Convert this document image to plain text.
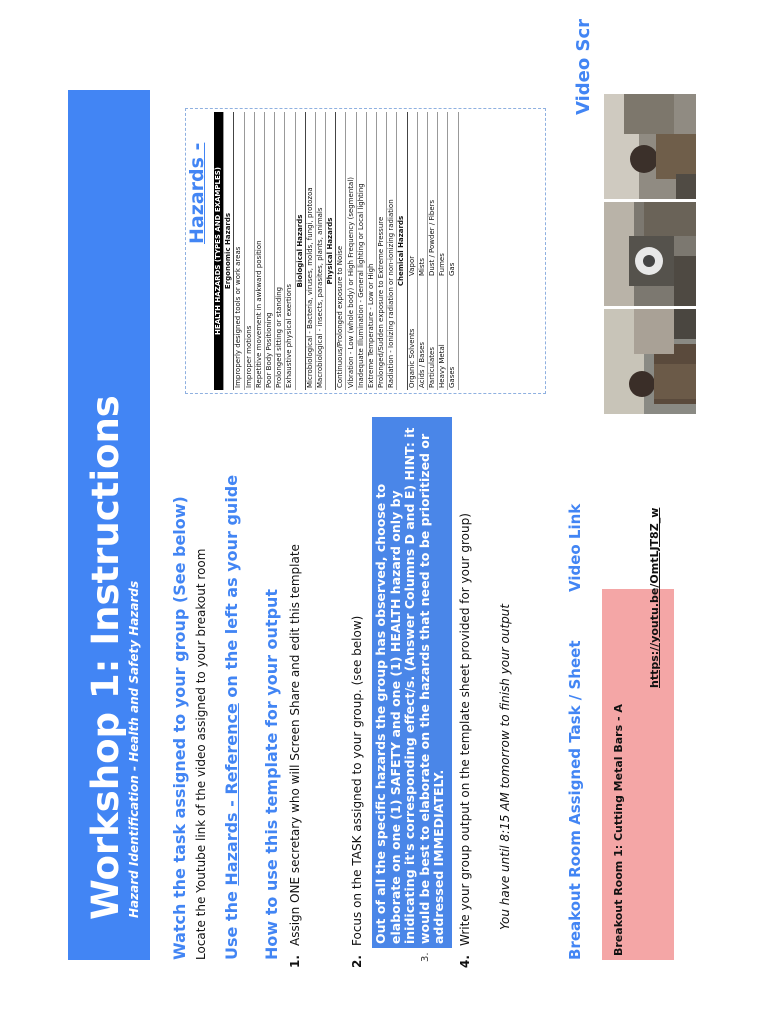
Workshop 1: Instructions Hazard Identification - Health and Safety Hazards Watch the task assigned to your group (See below) Locate the Youtube link of the video assigned to your breakout room Use the Hazards - Reference on the left as your guide How to use this template for your output
1.Assign ONE secretary who will Screen Share and edit this template
2.Focus on the TASK assigned to your group. (see below)
3.
Out of all the specific hazards the group has observed, choose to elaborate on one (1) SAFETY and one (1) HEALTH hazard only by inidicating it's corresponding effect/s. (Answer Columns D and E) HINT: it would be best to elaborate on the hazards that need to be prioritized or addressed IMMEDIATELY.
4.Write your group output on the template sheet provided for your group) You have until 8:15 AM tomorrow to finish your output	Breakout Room Assigned Task / Sheet
Video Link
Breakout Room 1: Cutting Metal Bars - A
https://youtu.be/OmtLJT8Z_w
Hazards - HEALTH HAZARDS (TYPES AND EXAMPLES)	
Ergonomic Hazards	
Improperly designed tools or work areas	
Improper motions	
Repetitive movement in awkward position	
Poor Body Positioning	
Prolonged sitting or standing	
Exhaustive physical exertions	
Biological Hazards	
Microbiological - Bacteria, viruses, molds, fungi, protozoa	
Macrobiological - insects, parasites, plants, animals	
Physical Hazards	
Continuous/Prolonged exposure to Noise	
Vibration - Low (whole body) or High Frequency (segmental)	
Inadequate Illumination - General lighting or Local lighting	
Extreme Temperature - Low or High	
Prolonged/Sudden exposure to Extreme Pressure	
Radiation - Ionizing radiation or non-ionizing radiation	
Chemical Hazards	
Organic Solvents	Vapor
Acids / Bases	Mists
Particulates	Dust / Powder / Fibers
Heavy Metal	Fumes
Gases	Gas
Video Scr
